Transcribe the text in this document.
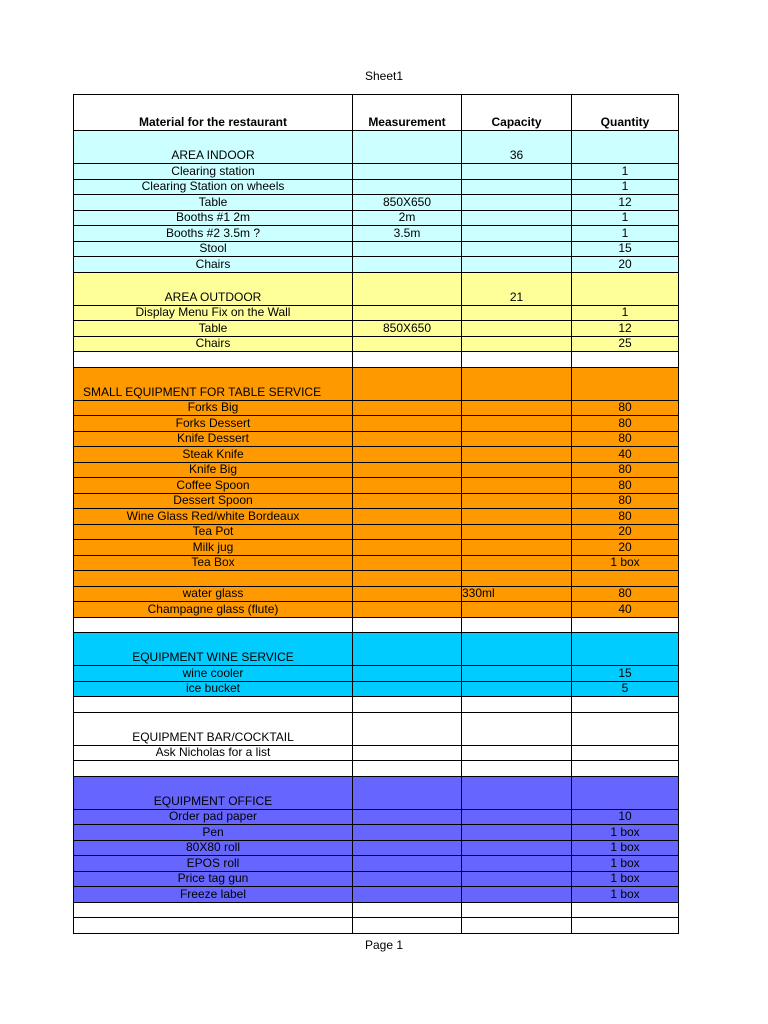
Sheet1
Material for the restaurant	Measurement	Capacity	Quantity
AREA INDOOR		36	
Clearing station			1
Clearing Station on wheels			1
Table	850X650		12
Booths #1 2m	2m		1
Booths #2 3.5m ?	3.5m		1
Stool			15
Chairs			20
AREA OUTDOOR		21	
Display Menu Fix on the Wall			1
Table	850X650		12
Chairs			25

SMALL EQUIPMENT FOR TABLE SERVICE			
Forks Big			80
Forks Dessert			80
Knife Dessert			80
Steak Knife			40
Knife Big			80
Coffee Spoon			80
Dessert Spoon			80
Wine Glass Red/white Bordeaux			80
Tea Pot			20
Milk jug			20
Tea Box			1 box

water glass		330ml	80
Champagne glass (flute)			40

EQUIPMENT WINE SERVICE			
wine cooler			15
ice bucket			5

EQUIPMENT BAR/COCKTAIL			
Ask Nicholas for a list			

EQUIPMENT OFFICE			
Order pad paper			10
Pen			1 box
80X80 roll			1 box
EPOS roll			1 box
Price tag gun			1 box
Freeze label			1 box

Page 1
